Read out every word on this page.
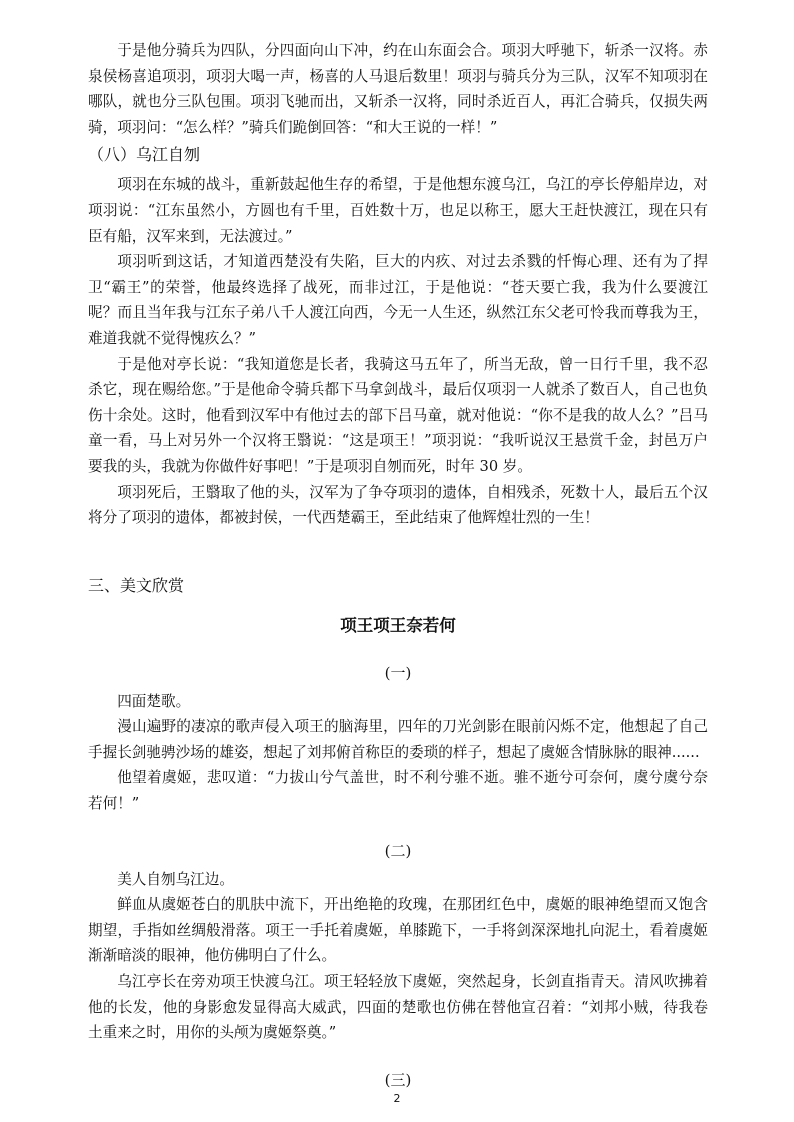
于是他分骑兵为四队，分四面向山下冲，约在山东面会合。项羽大呼驰下，斩杀一汉将。赤泉侯杨喜追项羽，项羽大喝一声，杨喜的人马退后数里！项羽与骑兵分为三队，汉军不知项羽在哪队，就也分三队包围。项羽飞驰而出，又斩杀一汉将，同时杀近百人，再汇合骑兵，仅损失两骑，项羽问：“怎么样？”骑兵们跪倒回答：“和大王说的一样！”

（八）乌江自刎

项羽在东城的战斗，重新鼓起他生存的希望，于是他想东渡乌江，乌江的亭长停船岸边，对项羽说：“江东虽然小，方圆也有千里，百姓数十万，也足以称王，愿大王赶快渡江，现在只有臣有船，汉军来到，无法渡过。”

项羽听到这话，才知道西楚没有失陷，巨大的内疚、对过去杀戮的忏悔心理、还有为了捍卫“霸王”的荣誉，他最终选择了战死，而非过江，于是他说：“苍天要亡我，我为什么要渡江呢？而且当年我与江东子弟八千人渡江向西，今无一人生还，纵然江东父老可怜我而尊我为王，难道我就不觉得愧疚么？”

于是他对亭长说：“我知道您是长者，我骑这马五年了，所当无敌，曾一日行千里，我不忍杀它，现在赐给您。”于是他命令骑兵都下马拿剑战斗，最后仅项羽一人就杀了数百人，自己也负伤十余处。这时，他看到汉军中有他过去的部下吕马童，就对他说：“你不是我的故人么？”吕马童一看，马上对另外一个汉将王翳说：“这是项王！”项羽说：“我听说汉王悬赏千金，封邑万户要我的头，我就为你做件好事吧！”于是项羽自刎而死，时年 30 岁。

项羽死后，王翳取了他的头，汉军为了争夺项羽的遗体，自相残杀，死数十人，最后五个汉将分了项羽的遗体，都被封侯，一代西楚霸王，至此结束了他辉煌壮烈的一生！

三、美文欣赏
项王项王奈若何
(一)

四面楚歌。

漫山遍野的凄凉的歌声侵入项王的脑海里，四年的刀光剑影在眼前闪烁不定，他想起了自己手握长剑驰骋沙场的雄姿，想起了刘邦俯首称臣的委琐的样子，想起了虞姬含情脉脉的眼神......

他望着虞姬，悲叹道：“力拔山兮气盖世，时不利兮骓不逝。骓不逝兮可奈何，虞兮虞兮奈若何！”

(二)

美人自刎乌江边。

鲜血从虞姬苍白的肌肤中流下，开出绝艳的玫瑰，在那团红色中，虞姬的眼神绝望而又饱含期望，手指如丝绸般滑落。项王一手托着虞姬，单膝跪下，一手将剑深深地扎向泥土，看着虞姬渐渐暗淡的眼神，他仿佛明白了什么。

乌江亭长在旁劝项王快渡乌江。项王轻轻放下虞姬，突然起身，长剑直指青天。清风吹拂着他的长发，他的身影愈发显得高大威武，四面的楚歌也仿佛在替他宣召着：“刘邦小贼，待我卷土重来之时，用你的头颅为虞姬祭奠。”

(三)
2
